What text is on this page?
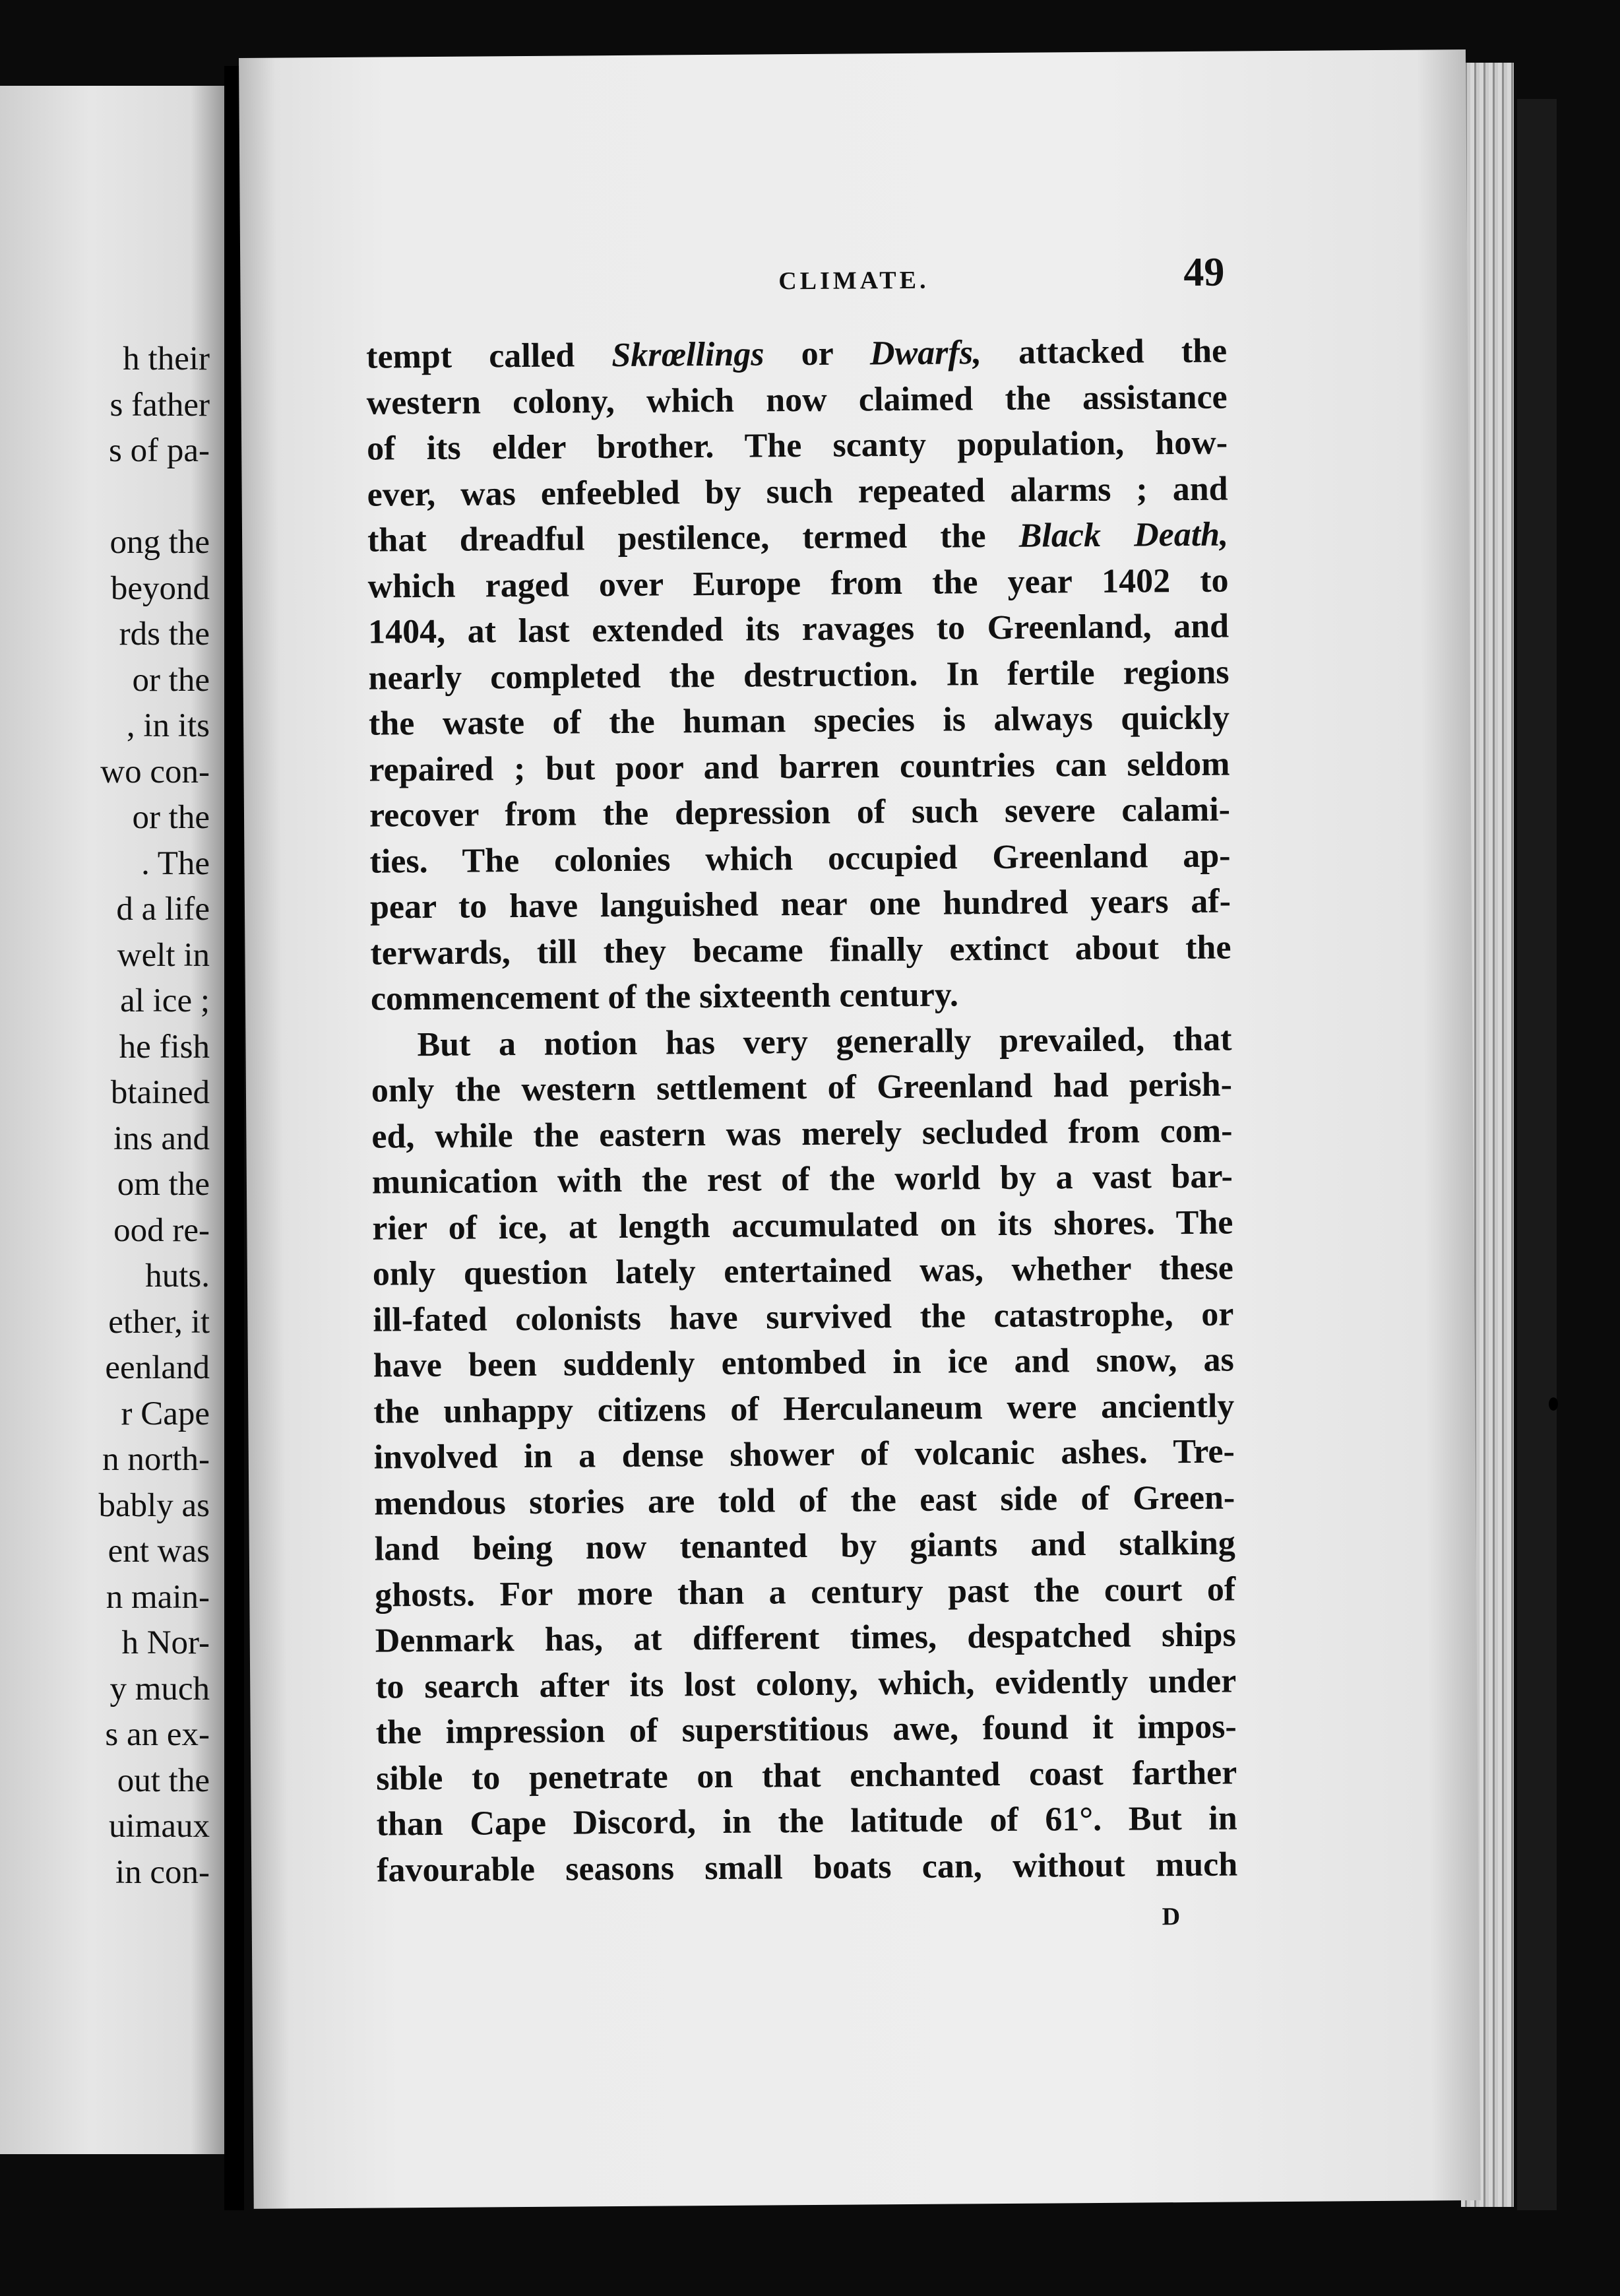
h their
s father
s of pa-
ong the
beyond
rds the
or the
, in its
wo con-
or the
. The
d a life
welt in
al ice ;
he fish
btained
ins and
om the
ood re-
huts.
ether, it
eenland
r Cape
n north-
bably as
ent was
n main-
h Nor-
y much
s an ex-
out the
uimaux
in con-
CLIMATE.	49
tempt called Skrœllings or Dwarfs, attacked the
western colony, which now claimed the assistance
of its elder brother. The scanty population, how-
ever, was enfeebled by such repeated alarms ; and
that dreadful pestilence, termed the Black Death,
which raged over Europe from the year 1402 to
1404, at last extended its ravages to Greenland, and
nearly completed the destruction. In fertile regions
the waste of the human species is always quickly
repaired ; but poor and barren countries can seldom
recover from the depression of such severe calami-
ties. The colonies which occupied Greenland ap-
pear to have languished near one hundred years af-
terwards, till they became finally extinct about the
commencement of the sixteenth century.
But a notion has very generally prevailed, that
only the western settlement of Greenland had perish-
ed, while the eastern was merely secluded from com-
munication with the rest of the world by a vast bar-
rier of ice, at length accumulated on its shores. The
only question lately entertained was, whether these
ill-fated colonists have survived the catastrophe, or
have been suddenly entombed in ice and snow, as
the unhappy citizens of Herculaneum were anciently
involved in a dense shower of volcanic ashes. Tre-
mendous stories are told of the east side of Green-
land being now tenanted by giants and stalking
ghosts. For more than a century past the court of
Denmark has, at different times, despatched ships
to search after its lost colony, which, evidently under
the impression of superstitious awe, found it impos-
sible to penetrate on that enchanted coast farther
than Cape Discord, in the latitude of 61°. But in
favourable seasons small boats can, without much
D
